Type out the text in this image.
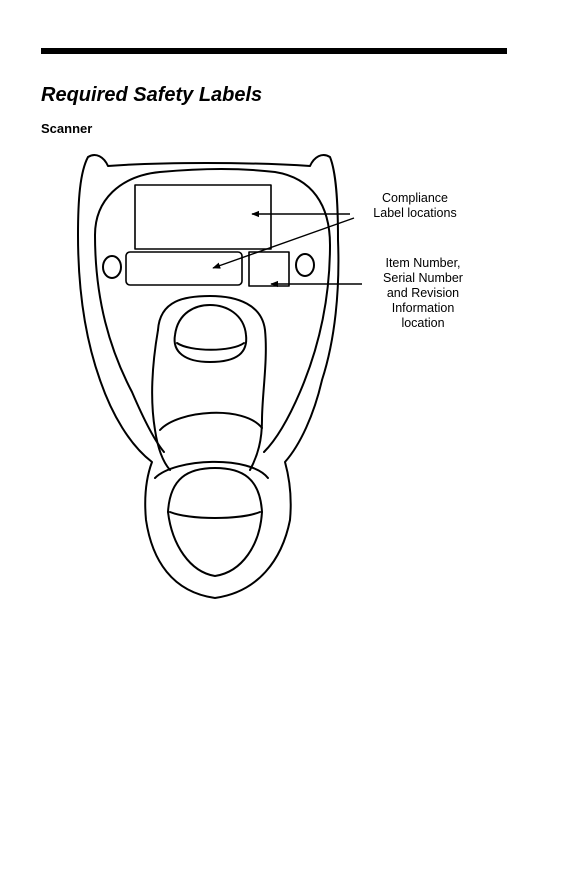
Required Safety Labels
Scanner
Compliance
Label locations
Item Number,
Serial Number
and Revision
Information
location
